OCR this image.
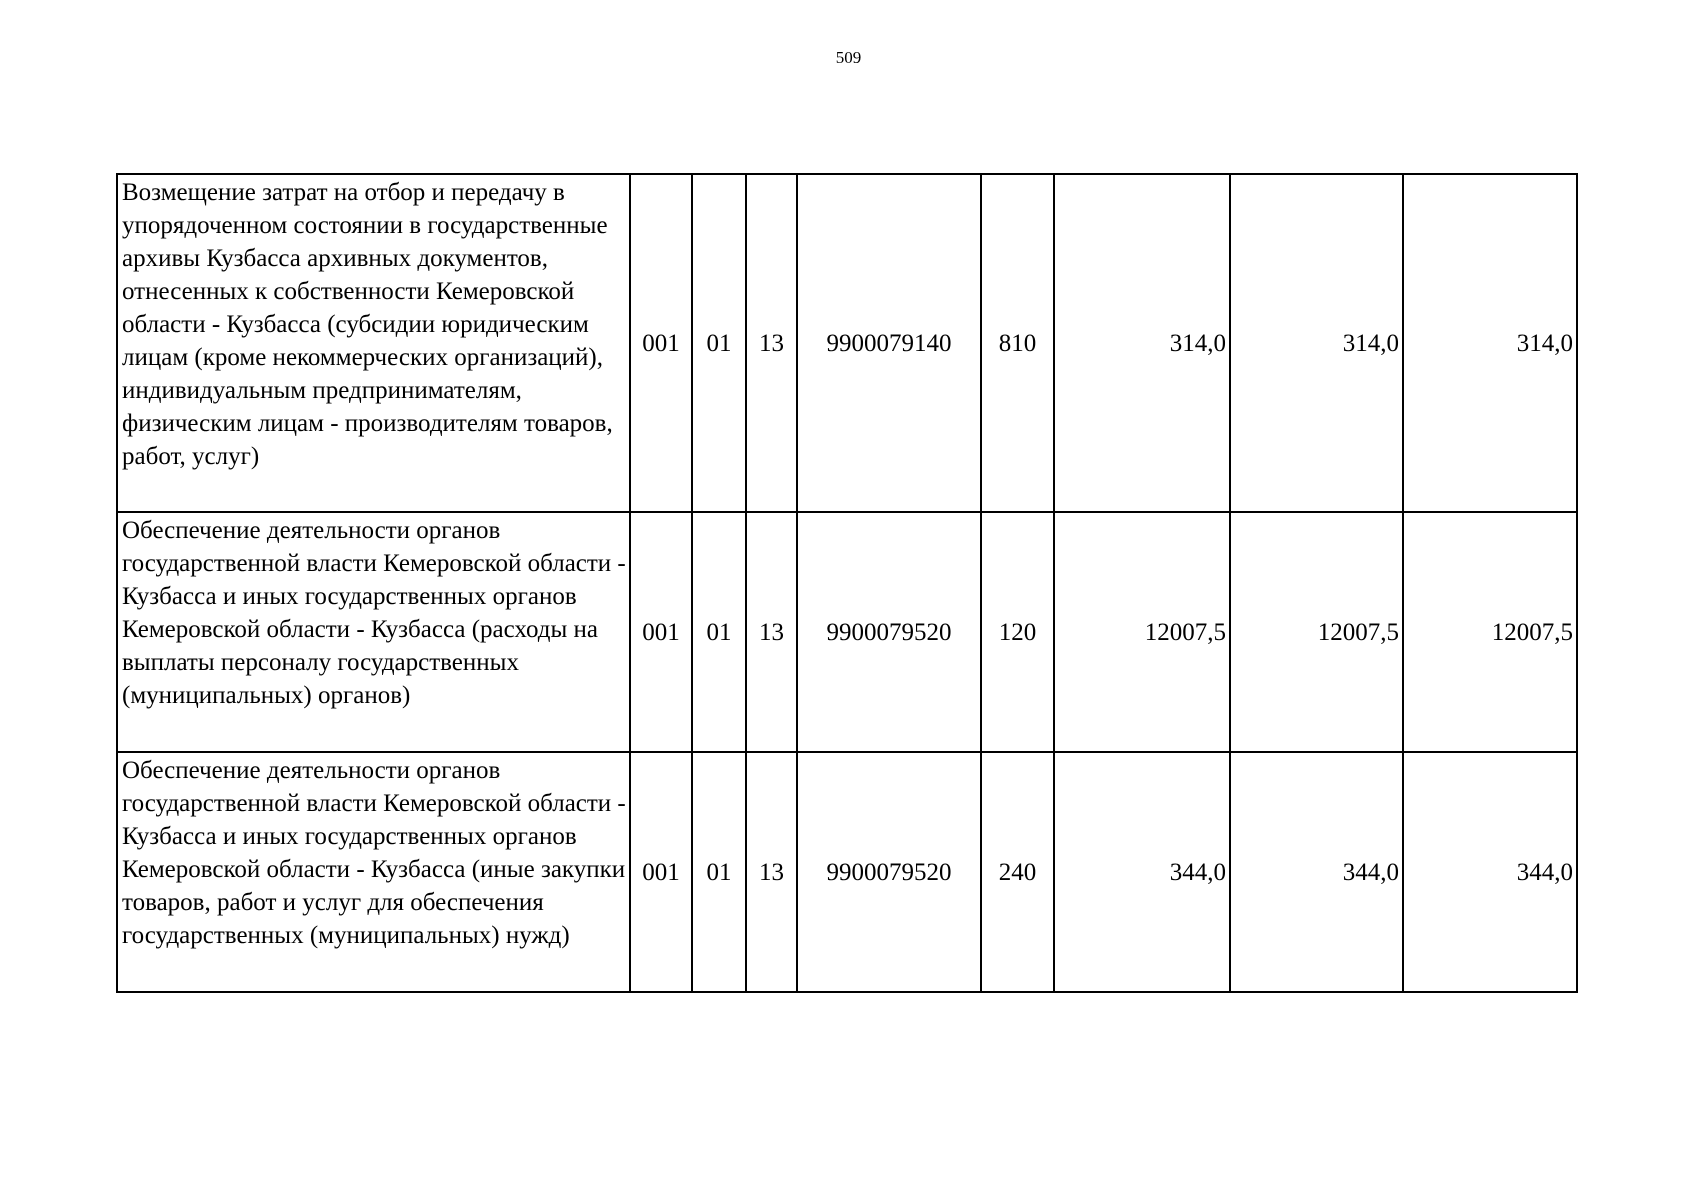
509
Возмещение затрат на отбор и передачу в упорядоченном состоянии в государственные архивы Кузбасса архивных документов, отнесенных к собственности Кемеровской области - Кузбасса (субсидии юридическим лицам (кроме некоммерческих организаций), индивидуальным предпринимателям, физическим лицам - производителям товаров, работ, услуг)	001	01	13	9900079140	810	314,0	314,0	314,0
Обеспечение деятельности органов государственной власти Кемеровской области - Кузбасса и иных государственных органов Кемеровской области - Кузбасса (расходы на выплаты персоналу государственных (муниципальных) органов)	001	01	13	9900079520	120	12007,5	12007,5	12007,5
Обеспечение деятельности органов государственной власти Кемеровской области - Кузбасса и иных государственных органов Кемеровской области - Кузбасса (иные закупки товаров, работ и услуг для обеспечения государственных (муниципальных) нужд)	001	01	13	9900079520	240	344,0	344,0	344,0
